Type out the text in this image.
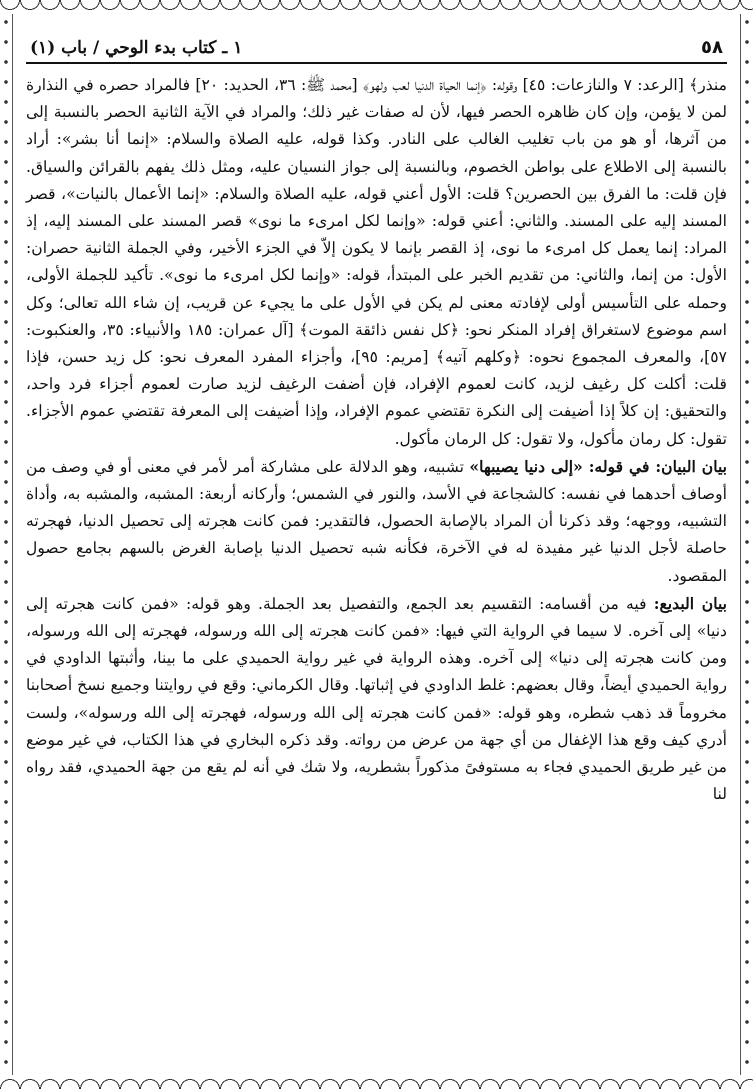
٥٨
١ ـ كتاب بدء الوحي / باب (١)

منذر﴾ [الرعد: ٧ والنازعات: ٤٥] وقوله: ﴿إنما الحياة الدنيا لعب ولهو﴾ [محمد ﷺ: ٣٦، الحديد: ٢٠] فالمراد حصره في النذارة لمن لا يؤمن، وإن كان ظاهره الحصر فيها، لأن له صفات غير ذلك؛ والمراد في الآية الثانية الحصر بالنسبة إلى من آثرها، أو هو من باب تغليب الغالب على النادر. وكذا قوله، عليه الصلاة والسلام: «إنما أنا بشر»: أراد بالنسبة إلى الاطلاع على بواطن الخصوم، وبالنسبة إلى جواز النسيان عليه، ومثل ذلك يفهم بالقرائن والسياق. فإن قلت: ما الفرق بين الحصرين؟ قلت: الأول أعني قوله، عليه الصلاة والسلام: «إنما الأعمال بالنيات»، قصر المسند إليه على المسند. والثاني: أعني قوله: «وإنما لكل امرىء ما نوى» قصر المسند على المسند إليه، إذ المراد: إنما يعمل كل امرىء ما نوى، إذ القصر بإنما لا يكون إلاّ في الجزء الأخير، وفي الجملة الثانية حصران: الأول: من إنما، والثاني: من تقديم الخبر على المبتدأ، قوله: «وإنما لكل امرىء ما نوى». تأكيد للجملة الأولى، وحمله على التأسيس أولى لإفادته معنى لم يكن في الأول على ما يجيء عن قريب، إن شاء الله تعالى؛ وكل اسم موضوع لاستغراق إفراد المنكر نحو: ﴿كل نفس ذائقة الموت﴾ [آل عمران: ١٨٥ والأنبياء: ٣٥، والعنكبوت: ٥٧]، والمعرف المجموع نحوه: ﴿وكلهم آتيه﴾ [مريم: ٩٥]، وأجزاء المفرد المعرف نحو: كل زيد حسن، فإذا قلت: أكلت كل رغيف لزيد، كانت لعموم الإفراد، فإن أضفت الرغيف لزيد صارت لعموم أجزاء فرد واحد، والتحقيق: إن كلاً إذا أضيفت إلى النكرة تقتضي عموم الإفراد، وإذا أضيفت إلى المعرفة تقتضي عموم الأجزاء. تقول: كل رمان مأكول، ولا تقول: كل الرمان مأكول.

بيان البيان: في قوله: «إلى دنيا يصيبها» تشبيه، وهو الدلالة على مشاركة أمر لأمر في معنى أو في وصف من أوصاف أحدهما في نفسه: كالشجاعة في الأسد، والنور في الشمس؛ وأركانه أربعة: المشبه، والمشبه به، وأداة التشبيه، ووجهه؛ وقد ذكرنا أن المراد بالإصابة الحصول، فالتقدير: فمن كانت هجرته إلى تحصيل الدنيا، فهجرته حاصلة لأجل الدنيا غير مفيدة له في الآخرة، فكأنه شبه تحصيل الدنيا بإصابة الغرض بالسهم بجامع حصول المقصود.

بيان البديع: فيه من أقسامه: التقسيم بعد الجمع، والتفصيل بعد الجملة. وهو قوله: «فمن كانت هجرته إلى دنيا» إلى آخره. لا سيما في الرواية التي فيها: «فمن كانت هجرته إلى الله ورسوله، فهجرته إلى الله ورسوله، ومن كانت هجرته إلى دنيا» إلى آخره. وهذه الرواية في غير رواية الحميدي على ما بينا، وأثبتها الداودي في رواية الحميدي أيضاً، وقال بعضهم: غلط الداودي في إثباتها. وقال الكرماني: وقع في روايتنا وجميع نسخ أصحابنا مخروماً قد ذهب شطره، وهو قوله: «فمن كانت هجرته إلى الله ورسوله، فهجرته إلى الله ورسوله»، ولست أدري كيف وقع هذا الإغفال من أي جهة من عرض من رواته. وقد ذكره البخاري في هذا الكتاب، في غير موضع من غير طريق الحميدي فجاء به مستوفىً مذكوراً بشطريه، ولا شك في أنه لم يقع من جهة الحميدي، فقد رواه لنا
